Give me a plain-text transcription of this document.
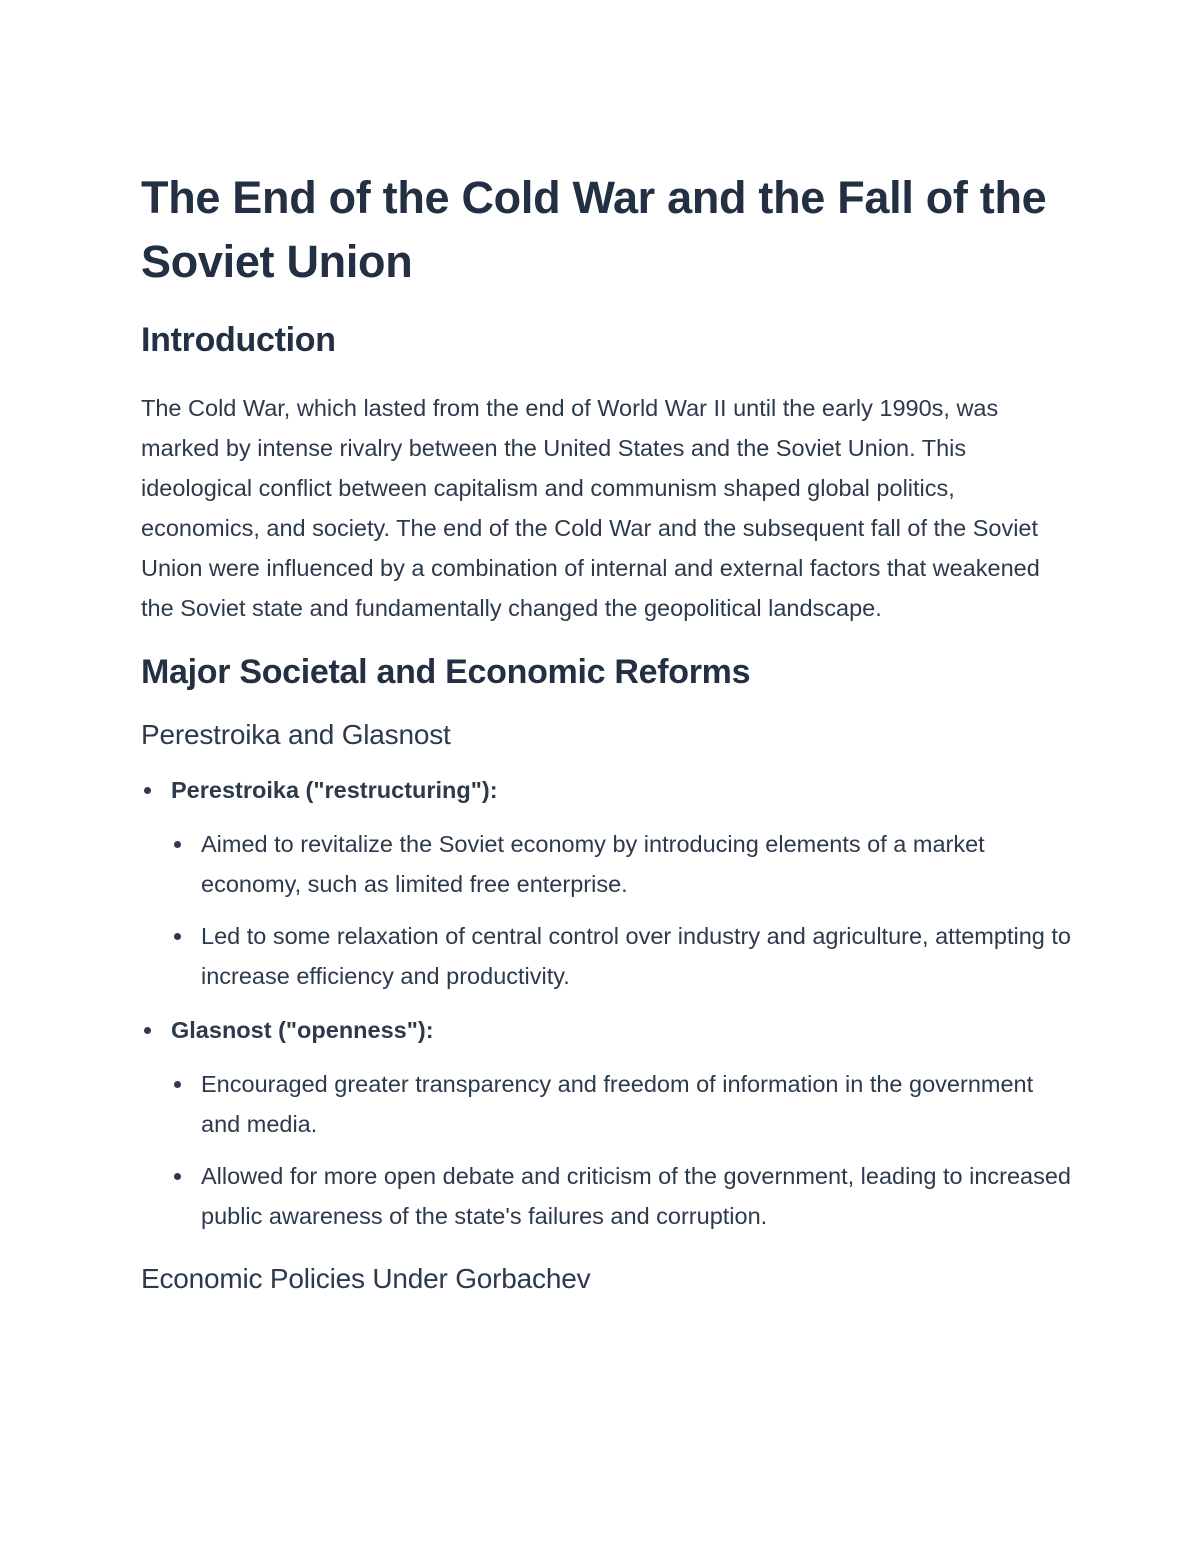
The End of the Cold War and the Fall of the Soviet Union
Introduction

The Cold War, which lasted from the end of World War II until the early 1990s, was marked by intense rivalry between the United States and the Soviet Union. This ideological conflict between capitalism and communism shaped global politics, economics, and society. The end of the Cold War and the subsequent fall of the Soviet Union were influenced by a combination of internal and external factors that weakened the Soviet state and fundamentally changed the geopolitical landscape.

Major Societal and Economic Reforms
Perestroika and Glasnost
Perestroika ("restructuring"):
Aimed to revitalize the Soviet economy by introducing elements of a market economy, such as limited free enterprise.
Led to some relaxation of central control over industry and agriculture, attempting to increase efficiency and productivity.
Glasnost ("openness"):
Encouraged greater transparency and freedom of information in the government and media.
Allowed for more open debate and criticism of the government, leading to increased public awareness of the state's failures and corruption.
Economic Policies Under Gorbachev
